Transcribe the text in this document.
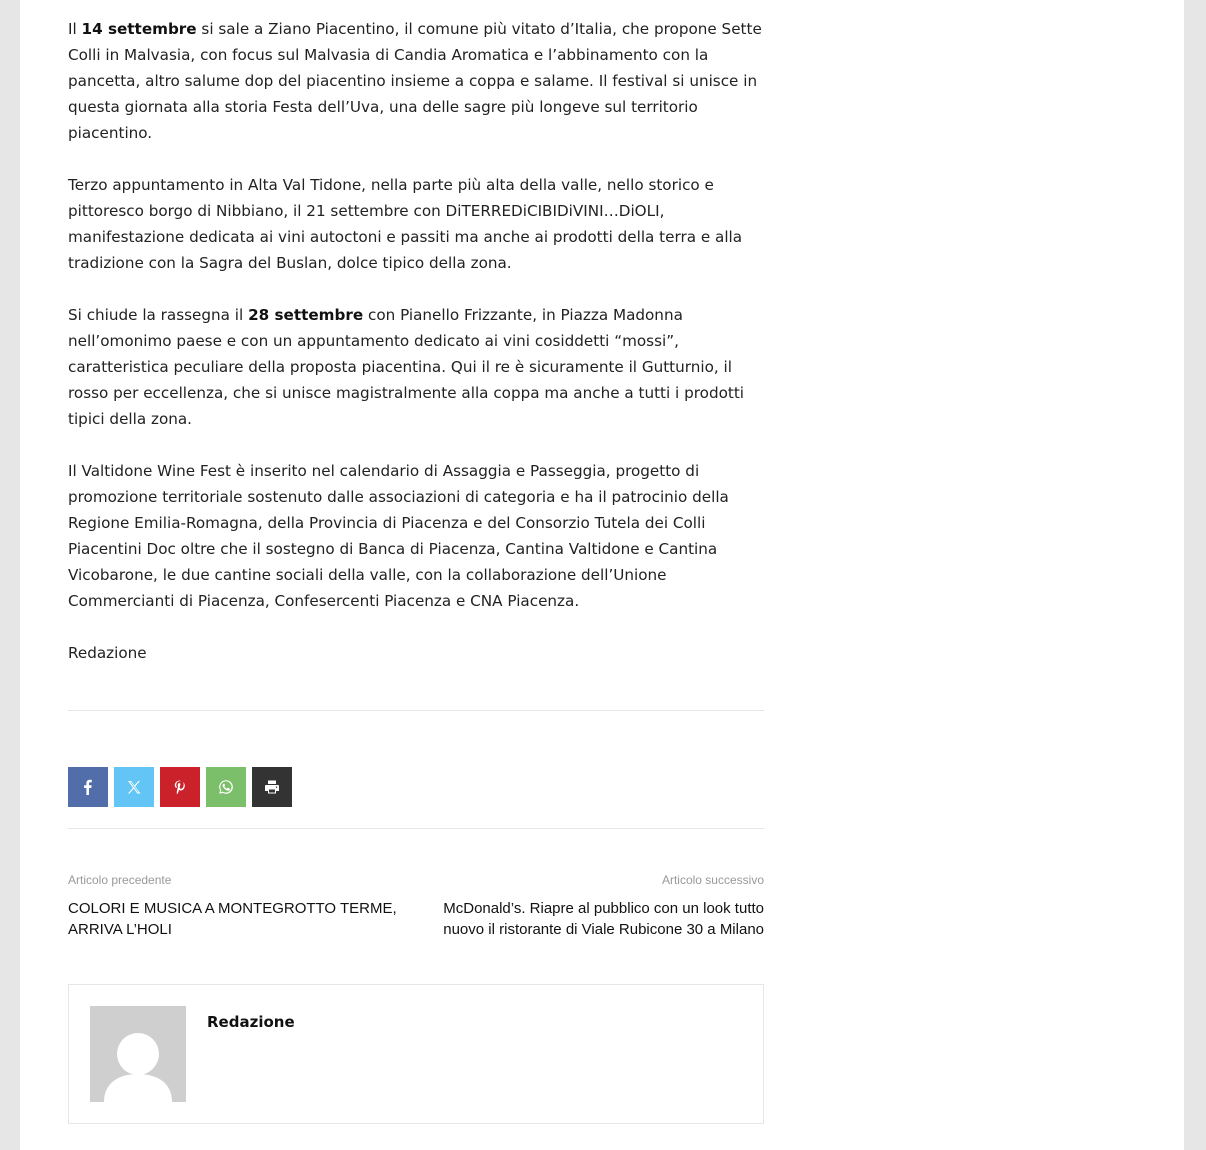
Il 14 settembre si sale a Ziano Piacentino, il comune più vitato d’Italia, che propone Sette Colli in Malvasia, con focus sul Malvasia di Candia Aromatica e l’abbinamento con la pancetta, altro salume dop del piacentino insieme a coppa e salame. Il festival si unisce in questa giornata alla storia Festa dell’Uva, una delle sagre più longeve sul territorio piacentino.

Terzo appuntamento in Alta Val Tidone, nella parte più alta della valle, nello storico e pittoresco borgo di Nibbiano, il 21 settembre con DiTERREDiCIBIDiVINI…DiOLI, manifestazione dedicata ai vini autoctoni e passiti ma anche ai prodotti della terra e alla tradizione con la Sagra del Buslan, dolce tipico della zona.

Si chiude la rassegna il 28 settembre con Pianello Frizzante, in Piazza Madonna nell’omonimo paese e con un appuntamento dedicato ai vini cosiddetti “mossi”, caratteristica peculiare della proposta piacentina. Qui il re è sicuramente il Gutturnio, il rosso per eccellenza, che si unisce magistralmente alla coppa ma anche a tutti i prodotti tipici della zona.

Il Valtidone Wine Fest è inserito nel calendario di Assaggia e Passeggia, progetto di promozione territoriale sostenuto dalle associazioni di categoria e ha il patrocinio della Regione Emilia-Romagna, della Provincia di Piacenza e del Consorzio Tutela dei Colli Piacentini Doc oltre che il sostegno di Banca di Piacenza, Cantina Valtidone e Cantina Vicobarone, le due cantine sociali della valle, con la collaborazione dell’Unione Commercianti di Piacenza, Confesercenti Piacenza e CNA Piacenza.

Redazione

Articolo precedente
COLORI E MUSICA A MONTEGROTTO TERME, ARRIVA L’HOLI
Articolo successivo
McDonald’s. Riapre al pubblico con un look tutto nuovo il ristorante di Viale Rubicone 30 a Milano
Redazione
